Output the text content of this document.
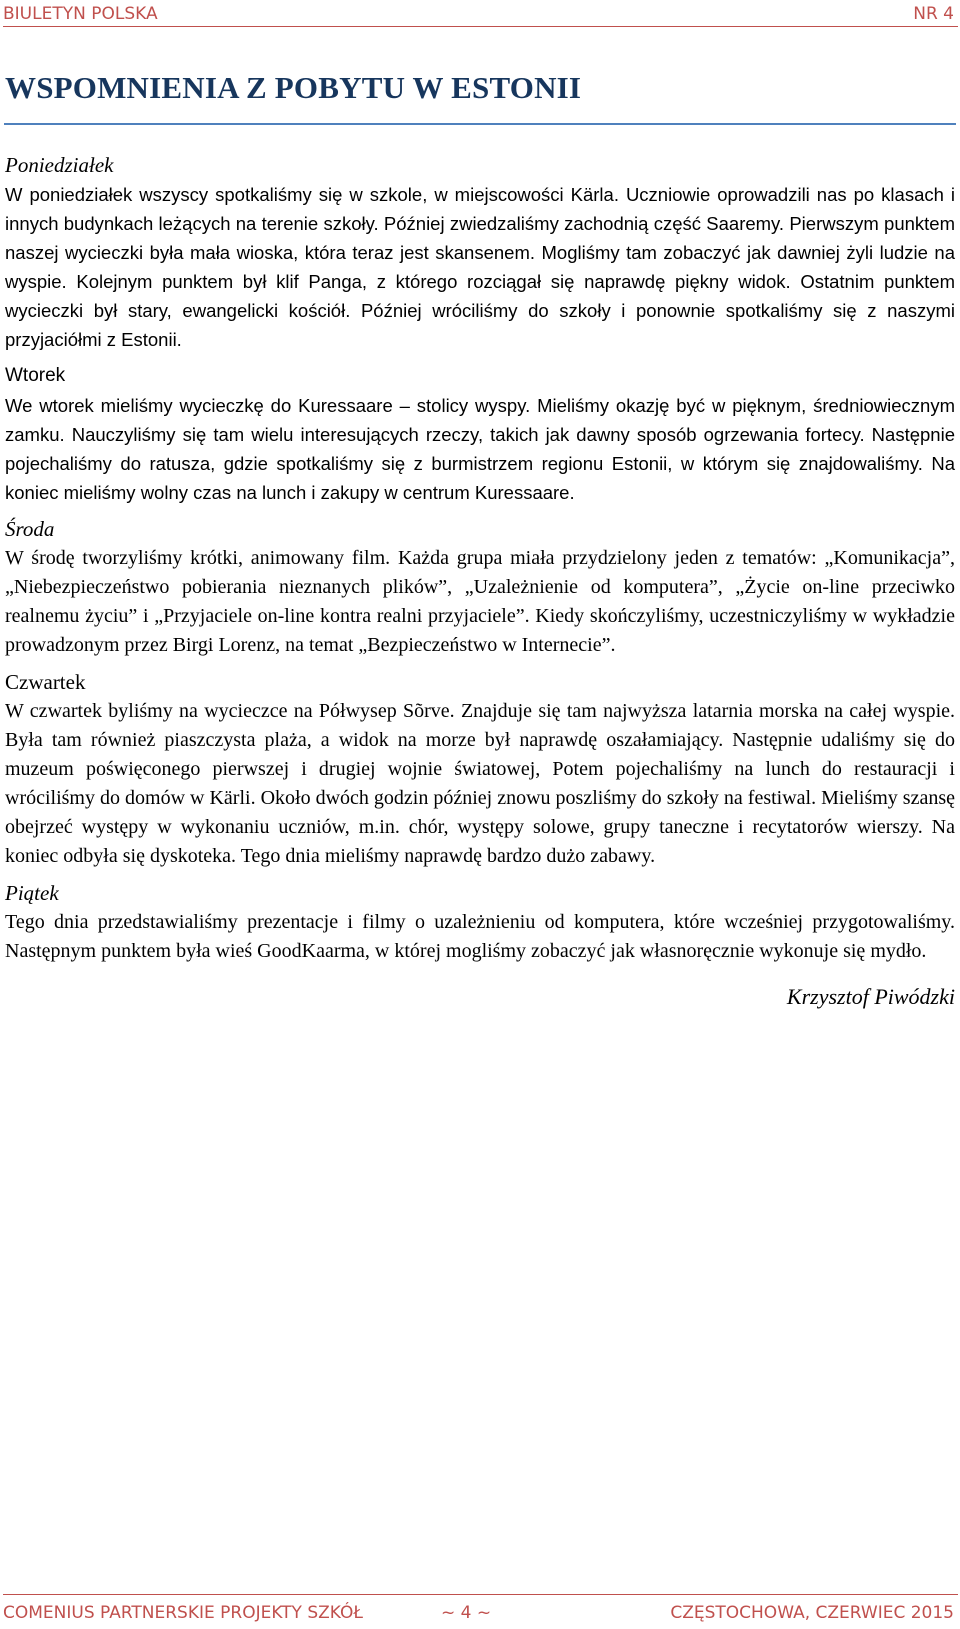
BIULETYN POLSKA	NR 4
WSPOMNIENIA Z POBYTU W ESTONII
Poniedziałek

W poniedziałek wszyscy spotkaliśmy się w szkole, w miejscowości Kärla. Uczniowie oprowadzili nas po klasach i innych budynkach leżących na terenie szkoły. Później zwiedzaliśmy zachodnią część Saaremy. Pierwszym punktem naszej wycieczki była mała wioska, która teraz jest skansenem. Mogliśmy tam zobaczyć jak dawniej żyli ludzie na wyspie. Kolejnym punktem był klif Panga, z którego rozciągał się naprawdę piękny widok. Ostatnim punktem wycieczki był stary, ewangelicki kościół. Później wróciliśmy do szkoły i ponownie spotkaliśmy się z naszymi przyjaciółmi z Estonii.

Wtorek

We wtorek mieliśmy wycieczkę do Kuressaare – stolicy wyspy. Mieliśmy okazję być w pięknym, średniowiecznym zamku. Nauczyliśmy się tam wielu interesujących rzeczy, takich jak dawny sposób ogrzewania fortecy. Następnie pojechaliśmy do ratusza, gdzie spotkaliśmy się z burmistrzem regionu Estonii, w którym się znajdowaliśmy. Na koniec mieliśmy wolny czas na lunch i zakupy w centrum Kuressaare.

Środa

W środę tworzyliśmy krótki, animowany film. Każda grupa miała przydzielony jeden z tematów: „Komunikacja”, „Niebezpieczeństwo pobierania nieznanych plików”, „Uzależnienie od komputera”, „Życie on-line przeciwko realnemu życiu” i „Przyjaciele on-line kontra realni przyjaciele”. Kiedy skończyliśmy, uczestniczyliśmy w wykładzie prowadzonym przez Birgi Lorenz, na temat „Bezpieczeństwo w Internecie”.

Czwartek

W czwartek byliśmy na wycieczce na Półwysep Sõrve. Znajduje się tam najwyższa latarnia morska na całej wyspie. Była tam również piaszczysta plaża, a widok na morze był naprawdę oszałamiający. Następnie udaliśmy się do muzeum poświęconego pierwszej i drugiej wojnie światowej, Potem pojechaliśmy na lunch do restauracji i wróciliśmy do domów w Kärli. Około dwóch godzin później znowu poszliśmy do szkoły na festiwal. Mieliśmy szansę obejrzeć występy w wykonaniu uczniów, m.in. chór, występy solowe, grupy taneczne i recytatorów wierszy. Na koniec odbyła się dyskoteka. Tego dnia mieliśmy naprawdę bardzo dużo zabawy.

Piątek

Tego dnia przedstawialiśmy prezentacje i filmy o uzależnieniu od komputera, które wcześniej przygotowaliśmy. Następnym punktem była wieś GoodKaarma, w której mogliśmy zobaczyć jak własnoręcznie wykonuje się mydło.

Krzysztof Piwódzki
COMENIUS PARTNERSKIE PROJEKTY SZKÓŁ	~ 4 ~	CZĘSTOCHOWA, CZERWIEC 2015
